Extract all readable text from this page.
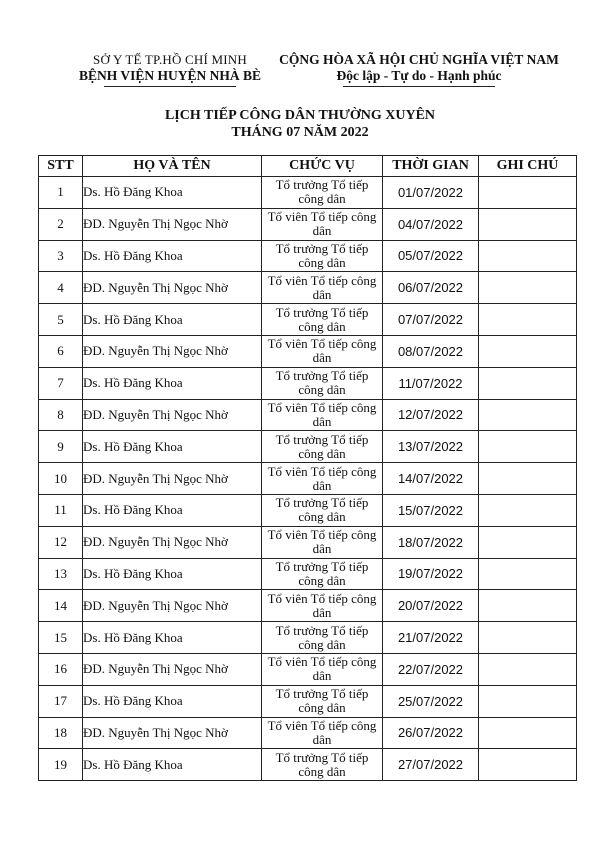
SỞ Y TẾ TP.HỒ CHÍ MINH
BỆNH VIỆN HUYỆN NHÀ BÈ
CỘNG HÒA XÃ HỘI CHỦ NGHĨA VIỆT NAM
Độc lập - Tự do - Hạnh phúc
LỊCH TIẾP CÔNG DÂN THƯỜNG XUYÊN
THÁNG 07 NĂM 2022
STT	HỌ VÀ TÊN	CHỨC VỤ	THỜI GIAN	GHI CHÚ
1	Ds. Hồ Đăng Khoa	Tổ trưởng Tổ tiếp công dân	01/07/2022	
2	ĐD. Nguyễn Thị Ngọc Nhờ	Tổ viên Tổ tiếp công dân	04/07/2022	
3	Ds. Hồ Đăng Khoa	Tổ trưởng Tổ tiếp công dân	05/07/2022	
4	ĐD. Nguyễn Thị Ngọc Nhờ	Tổ viên Tổ tiếp công dân	06/07/2022	
5	Ds. Hồ Đăng Khoa	Tổ trưởng Tổ tiếp công dân	07/07/2022	
6	ĐD. Nguyễn Thị Ngọc Nhờ	Tổ viên Tổ tiếp công dân	08/07/2022	
7	Ds. Hồ Đăng Khoa	Tổ trưởng Tổ tiếp công dân	11/07/2022	
8	ĐD. Nguyễn Thị Ngọc Nhờ	Tổ viên Tổ tiếp công dân	12/07/2022	
9	Ds. Hồ Đăng Khoa	Tổ trưởng Tổ tiếp công dân	13/07/2022	
10	ĐD. Nguyễn Thị Ngọc Nhờ	Tổ viên Tổ tiếp công dân	14/07/2022	
11	Ds. Hồ Đăng Khoa	Tổ trưởng Tổ tiếp công dân	15/07/2022	
12	ĐD. Nguyễn Thị Ngọc Nhờ	Tổ viên Tổ tiếp công dân	18/07/2022	
13	Ds. Hồ Đăng Khoa	Tổ trưởng Tổ tiếp công dân	19/07/2022	
14	ĐD. Nguyễn Thị Ngọc Nhờ	Tổ viên Tổ tiếp công dân	20/07/2022	
15	Ds. Hồ Đăng Khoa	Tổ trưởng Tổ tiếp công dân	21/07/2022	
16	ĐD. Nguyễn Thị Ngọc Nhờ	Tổ viên Tổ tiếp công dân	22/07/2022	
17	Ds. Hồ Đăng Khoa	Tổ trưởng Tổ tiếp công dân	25/07/2022	
18	ĐD. Nguyễn Thị Ngọc Nhờ	Tổ viên Tổ tiếp công dân	26/07/2022	
19	Ds. Hồ Đăng Khoa	Tổ trưởng Tổ tiếp công dân	27/07/2022	
